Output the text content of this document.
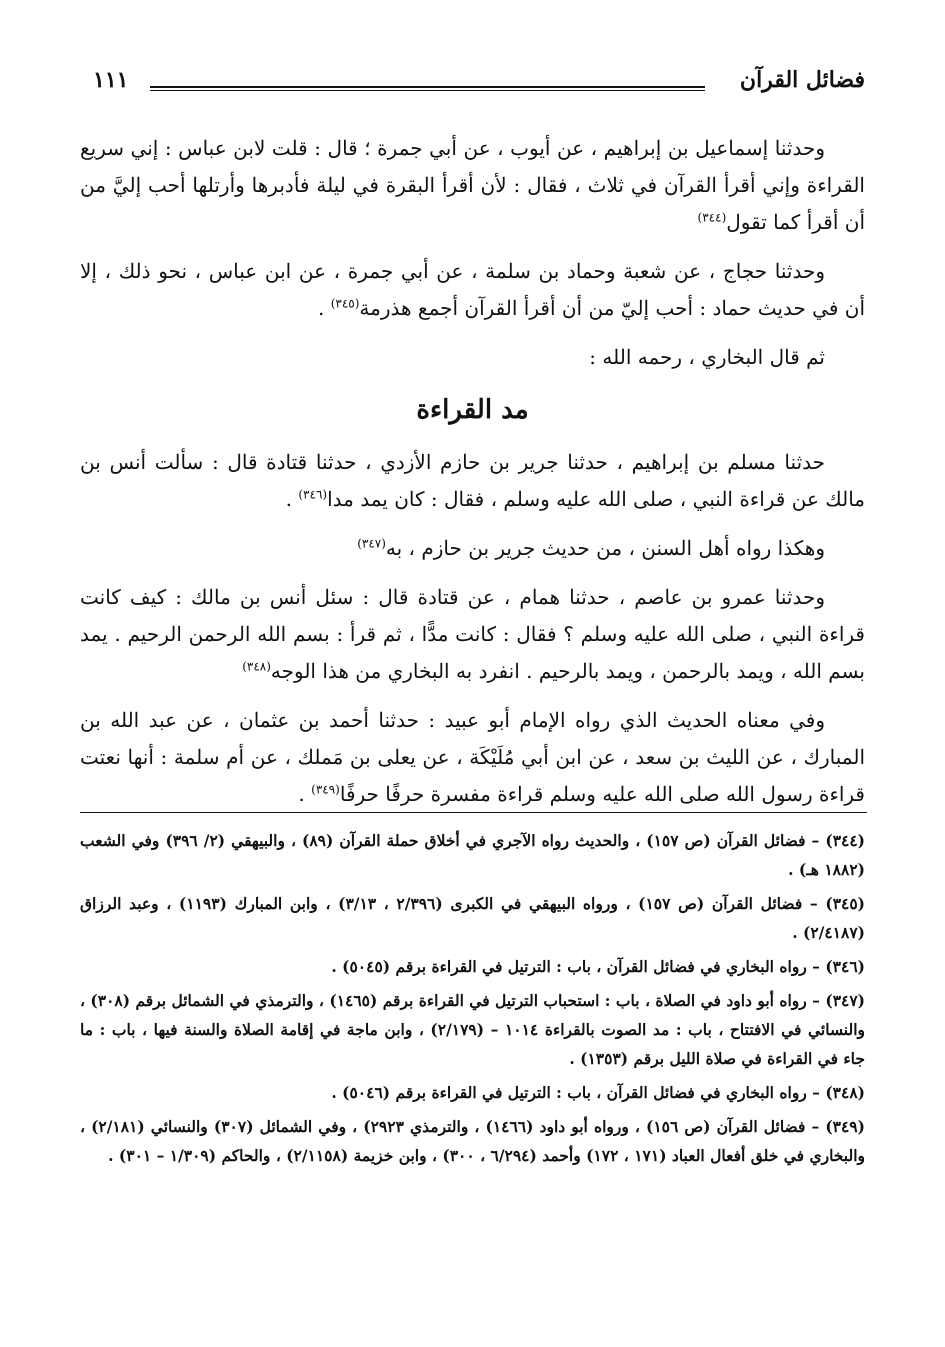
فضائل القرآن
١١١

وحدثنا إسماعيل بن إبراهيم ، عن أيوب ، عن أبي جمرة ؛ قال : قلت لابن عباس : إني سريع القراءة وإني أقرأ القرآن في ثلاث ، فقال : لأن أقرأ البقرة في ليلة فأدبرها وأرتلها أحب إليَّ من أن أقرأ كما تقول$^{(٣٤٤)}$

وحدثنا حجاج ، عن شعبة وحماد بن سلمة ، عن أبي جمرة ، عن ابن عباس ، نحو ذلك ، إلا أن في حديث حماد : أحب إليّ من أن أقرأ القرآن أجمع هذرمة$^{(٣٤٥)}$ .

ثم قال البخاري ، رحمه الله :

مد القراءة

حدثنا مسلم بن إبراهيم ، حدثنا جرير بن حازم الأزدي ، حدثنا قتادة قال : سألت أنس بن مالك عن قراءة النبي ، صلى الله عليه وسلم ، فقال : كان يمد مدا$^{(٣٤٦)}$ .

وهكذا رواه أهل السنن ، من حديث جرير بن حازم ، به$^{(٣٤٧)}$

وحدثنا عمرو بن عاصم ، حدثنا همام ، عن قتادة قال : سئل أنس بن مالك : كيف كانت قراءة النبي ، صلى الله عليه وسلم ؟ فقال : كانت مدًّا ، ثم قرأ : بسم الله الرحمن الرحيم . يمد بسم الله ، ويمد بالرحمن ، ويمد بالرحيم . انفرد به البخاري من هذا الوجه$^{(٣٤٨)}$

وفي معناه الحديث الذي رواه الإمام أبو عبيد : حدثنا أحمد بن عثمان ، عن عبد الله بن المبارك ، عن الليث بن سعد ، عن ابن أبي مُلَيْكَة ، عن يعلى بن مَملك ، عن أم سلمة : أنها نعتت قراءة رسول الله صلى الله عليه وسلم قراءة مفسرة حرفًا حرفًا$^{(٣٤٩)}$ .

(٣٤٤) – فضائل القرآن (ص ١٥٧) ، والحديث رواه الآجري في أخلاق حملة القرآن (٨٩) ، والبيهقي (٢/ ٣٩٦) وفي الشعب (١٨٨٢ هـ) .

(٣٤٥) – فضائل القرآن (ص ١٥٧) ، ورواه البيهقي في الكبرى (٢/٣٩٦ ، ٣/١٣) ، وابن المبارك (١١٩٣) ، وعبد الرزاق (٢/٤١٨٧) .

(٣٤٦) – رواه البخاري في فضائل القرآن ، باب : الترتيل في القراءة برقم (٥٠٤٥) .

(٣٤٧) – رواه أبو داود في الصلاة ، باب : استحباب الترتيل في القراءة برقم (١٤٦٥) ، والترمذي في الشمائل برقم (٣٠٨) ، والنسائي في الافتتاح ، باب : مد الصوت بالقراءة ١٠١٤ – (٢/١٧٩) ، وابن ماجة في إقامة الصلاة والسنة فيها ، باب : ما جاء في القراءة في صلاة الليل برقم (١٣٥٣) .

(٣٤٨) – رواه البخاري في فضائل القرآن ، باب : الترتيل في القراءة برقم (٥٠٤٦) .

(٣٤٩) – فضائل القرآن (ص ١٥٦) ، ورواه أبو داود (١٤٦٦) ، والترمذي ٢٩٢٣) ، وفي الشمائل (٣٠٧) والنسائي (٢/١٨١) ، والبخاري في خلق أفعال العباد (١٧١ ، ١٧٢) وأحمد (٦/٢٩٤ ، ٣٠٠) ، وابن خزيمة (٢/١١٥٨) ، والحاكم (١/٣٠٩ – ٣٠١) .
